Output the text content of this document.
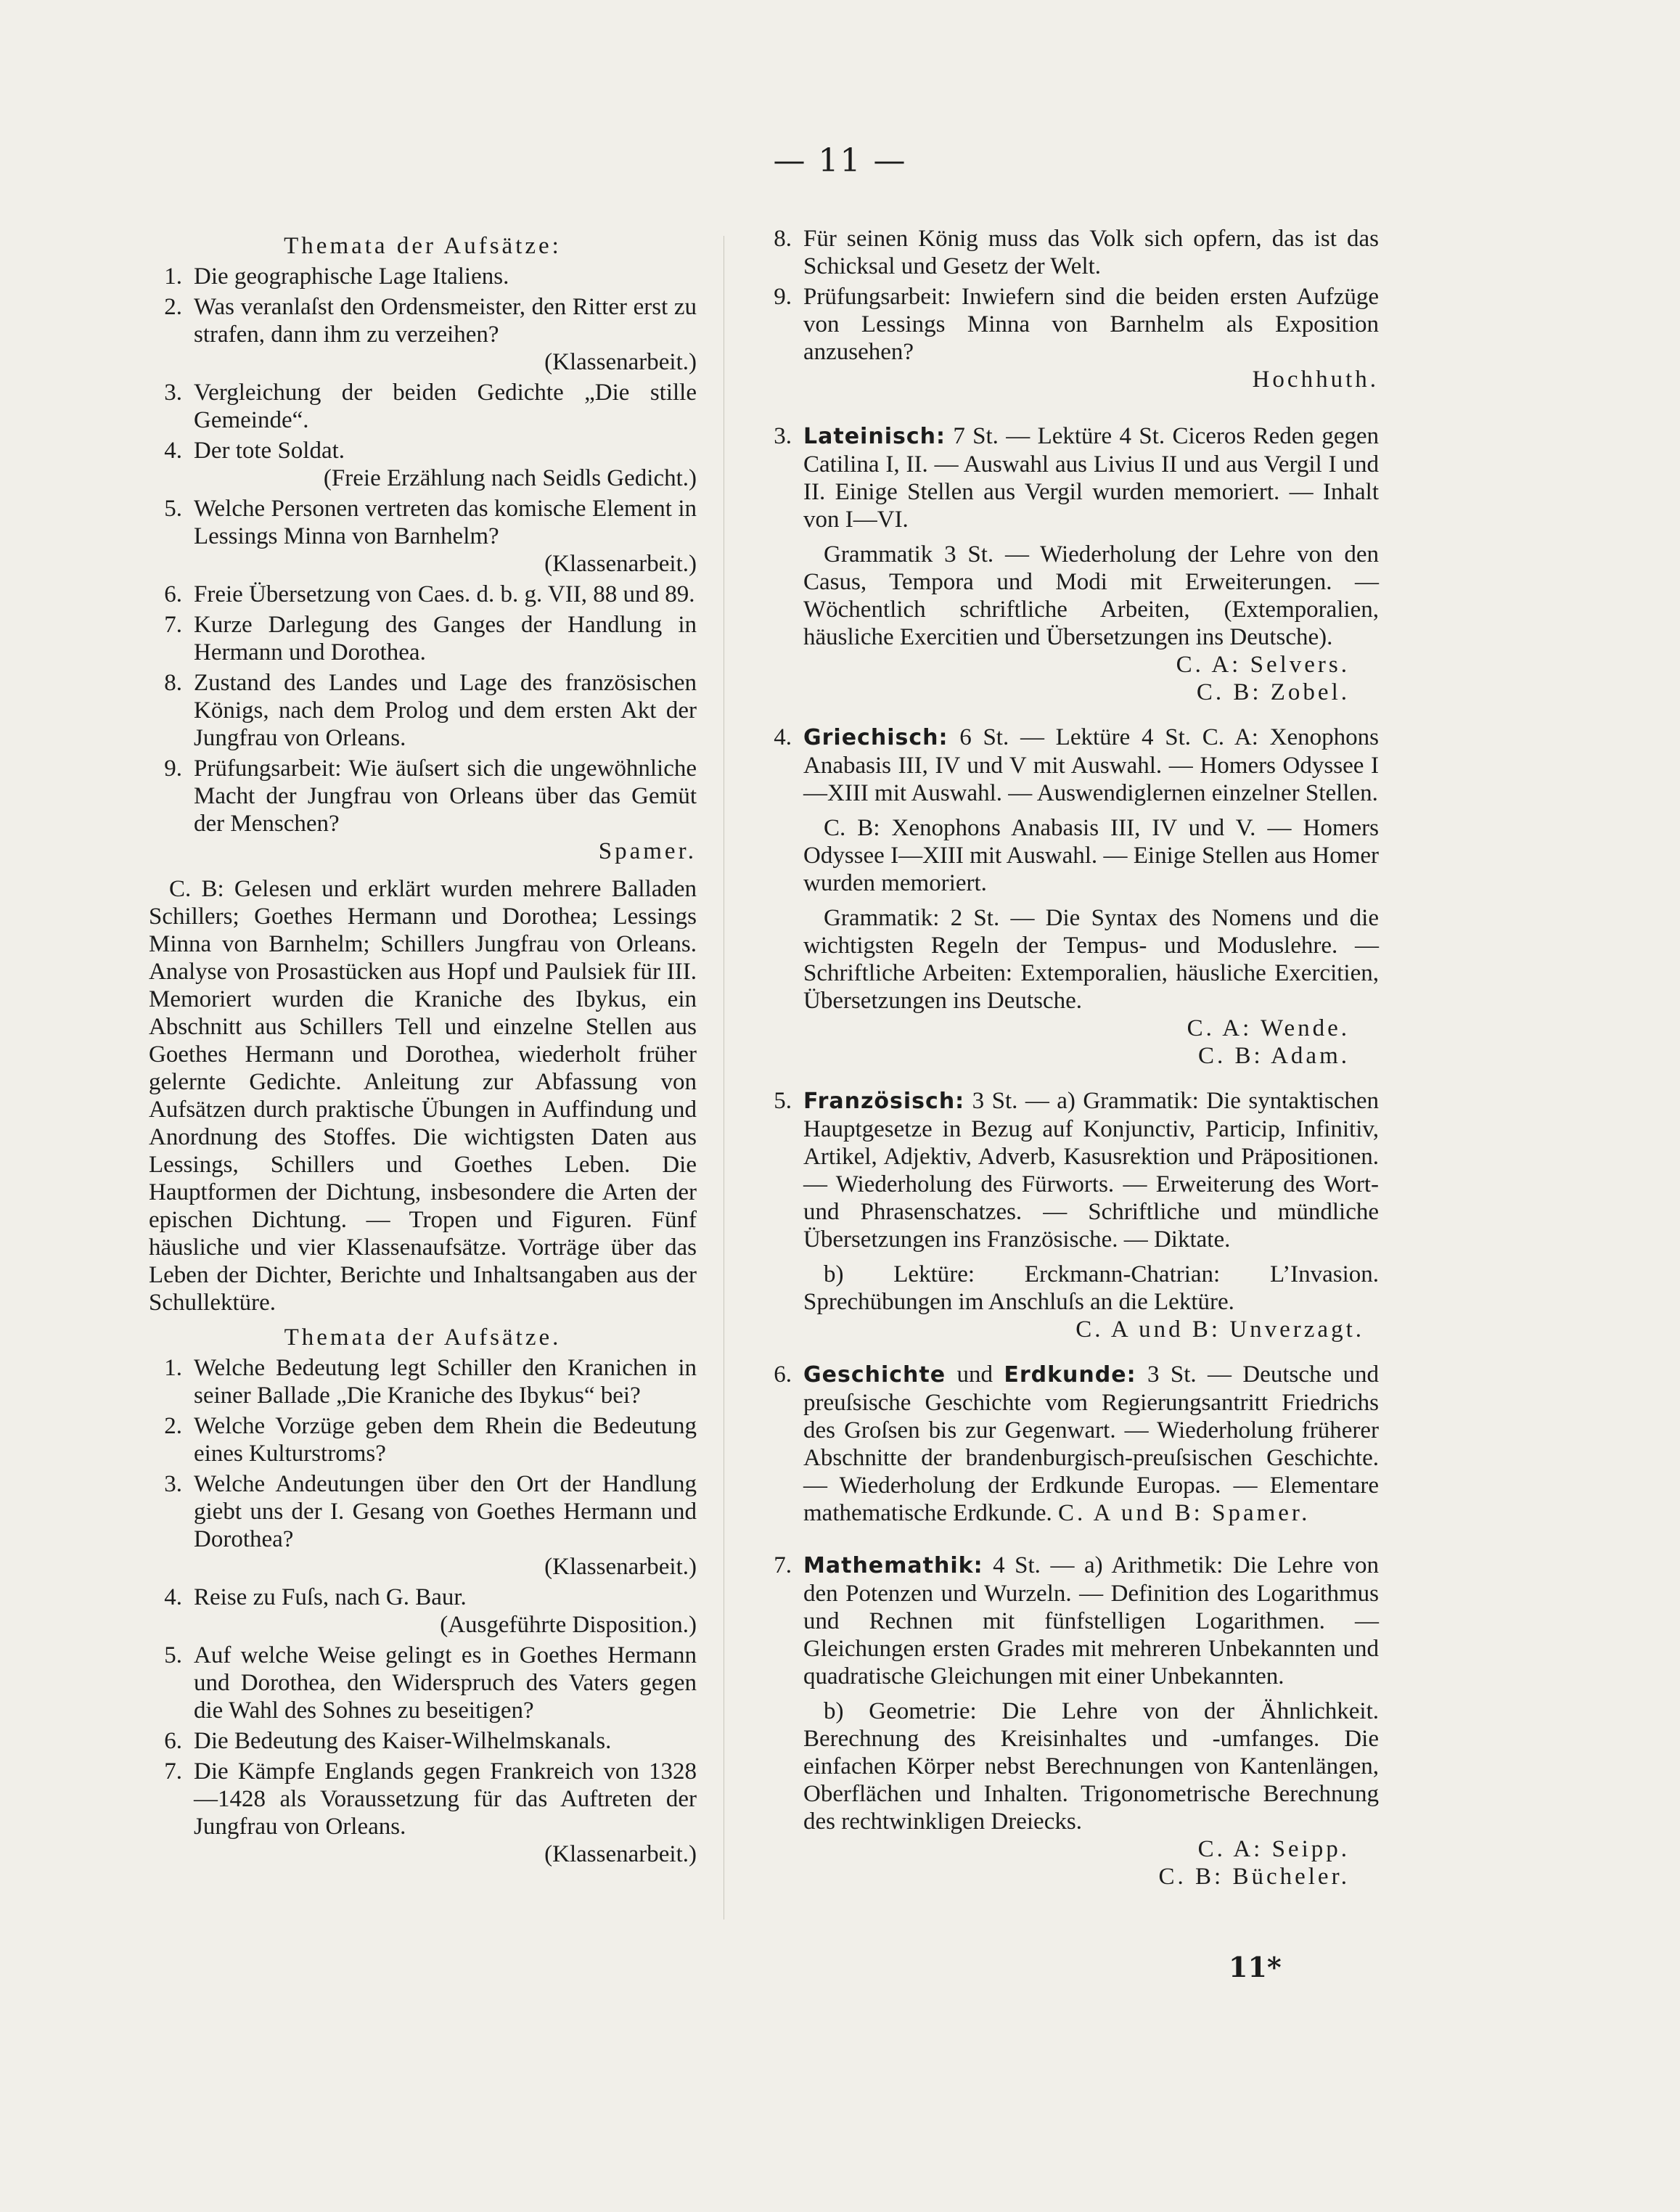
— 11 —
Themata der Aufsätze:
1. Die geographische Lage Italiens.
2. Was veranlaſst den Ordensmeister, den Ritter erst zu strafen, dann ihm zu verzeihen?
(Klassenarbeit.)
3. Vergleichung der beiden Gedichte „Die stille Gemeinde“.
4. Der tote Soldat.
(Freie Erzählung nach Seidls Gedicht.)
5. Welche Personen vertreten das komische Element in Lessings Minna von Barnhelm?
(Klassenarbeit.)
6. Freie Übersetzung von Caes. d. b. g. VII, 88 und 89.
7. Kurze Darlegung des Ganges der Handlung in Hermann und Dorothea.
8. Zustand des Landes und Lage des französischen Königs, nach dem Prolog und dem ersten Akt der Jungfrau von Orleans.
9. Prüfungsarbeit: Wie äuſsert sich die ungewöhnliche Macht der Jungfrau von Orleans über das Gemüt der Menschen?
Spamer.
C. B: Gelesen und erklärt wurden mehrere Balladen Schillers; Goethes Hermann und Dorothea; Lessings Minna von Barnhelm; Schillers Jungfrau von Orleans. Analyse von Prosastücken aus Hopf und Paulsiek für III. Memoriert wurden die Kraniche des Ibykus, ein Abschnitt aus Schillers Tell und einzelne Stellen aus Goethes Hermann und Dorothea, wiederholt früher gelernte Gedichte. Anleitung zur Abfassung von Aufsätzen durch praktische Übungen in Auffindung und Anordnung des Stoffes. Die wichtigsten Daten aus Lessings, Schillers und Goethes Leben. Die Hauptformen der Dichtung, insbesondere die Arten der epischen Dichtung. — Tropen und Figuren. Fünf häusliche und vier Klassenaufsätze. Vorträge über das Leben der Dichter, Berichte und Inhaltsangaben aus der Schullektüre.
Themata der Aufsätze.
1. Welche Bedeutung legt Schiller den Kranichen in seiner Ballade „Die Kraniche des Ibykus“ bei?
2. Welche Vorzüge geben dem Rhein die Bedeutung eines Kulturstroms?
3. Welche Andeutungen über den Ort der Handlung giebt uns der I. Gesang von Goethes Hermann und Dorothea?
(Klassenarbeit.)
4. Reise zu Fuſs, nach G. Baur.
(Ausgeführte Disposition.)
5. Auf welche Weise gelingt es in Goethes Hermann und Dorothea, den Widerspruch des Vaters gegen die Wahl des Sohnes zu beseitigen?
6. Die Bedeutung des Kaiser-Wilhelmskanals.
7. Die Kämpfe Englands gegen Frankreich von 1328—1428 als Voraussetzung für das Auftreten der Jungfrau von Orleans.
(Klassenarbeit.)
8. Für seinen König muss das Volk sich opfern, das ist das Schicksal und Gesetz der Welt.
9. Prüfungsarbeit: Inwiefern sind die beiden ersten Aufzüge von Lessings Minna von Barnhelm als Exposition anzusehen?
Hochhuth.
3. Lateinisch: 7 St. — Lektüre 4 St. Ciceros Reden gegen Catilina I, II. — Auswahl aus Livius II und aus Vergil I und II. Einige Stellen aus Vergil wurden memoriert. — Inhalt von I—VI.
Grammatik 3 St. — Wiederholung der Lehre von den Casus, Tempora und Modi mit Erweiterungen. — Wöchentlich schriftliche Arbeiten, (Extemporalien, häusliche Exercitien und Übersetzungen ins Deutsche).
C. A: Selvers.
C. B: Zobel.
4. Griechisch: 6 St. — Lektüre 4 St. C. A: Xenophons Anabasis III, IV und V mit Auswahl. — Homers Odyssee I—XIII mit Auswahl. — Auswendiglernen einzelner Stellen.
C. B: Xenophons Anabasis III, IV und V. — Homers Odyssee I—XIII mit Auswahl. — Einige Stellen aus Homer wurden memoriert.
Grammatik: 2 St. — Die Syntax des Nomens und die wichtigsten Regeln der Tempus- und Moduslehre. — Schriftliche Arbeiten: Extemporalien, häusliche Exercitien, Übersetzungen ins Deutsche.
C. A: Wende.
C. B: Adam.
5. Französisch: 3 St. — a) Grammatik: Die syntaktischen Hauptgesetze in Bezug auf Konjunctiv, Particip, Infinitiv, Artikel, Adjektiv, Adverb, Kasusrektion und Präpositionen. — Wiederholung des Fürworts. — Erweiterung des Wort- und Phrasenschatzes. — Schriftliche und mündliche Übersetzungen ins Französische. — Diktate.
b) Lektüre: Erckmann-Chatrian: L’Invasion. Sprechübungen im Anschluſs an die Lektüre.
C. A und B: Unverzagt.
6. Geschichte und Erdkunde: 3 St. — Deutsche und preuſsische Geschichte vom Regierungsantritt Friedrichs des Groſsen bis zur Gegenwart. — Wiederholung früherer Abschnitte der brandenburgisch-preuſsischen Geschichte. — Wiederholung der Erdkunde Europas. — Elementare mathematische Erdkunde. C. A und B: Spamer.
7. Mathemathik: 4 St. — a) Arithmetik: Die Lehre von den Potenzen und Wurzeln. — Definition des Logarithmus und Rechnen mit fünfstelligen Logarithmen. — Gleichungen ersten Grades mit mehreren Unbekannten und quadratische Gleichungen mit einer Unbekannten.
b) Geometrie: Die Lehre von der Ähnlichkeit. Berechnung des Kreisinhaltes und -umfanges. Die einfachen Körper nebst Berechnungen von Kantenlängen, Oberflächen und Inhalten. Trigonometrische Berechnung des rechtwinkligen Dreiecks.
C. A: Seipp.
C. B: Bücheler.
11*
